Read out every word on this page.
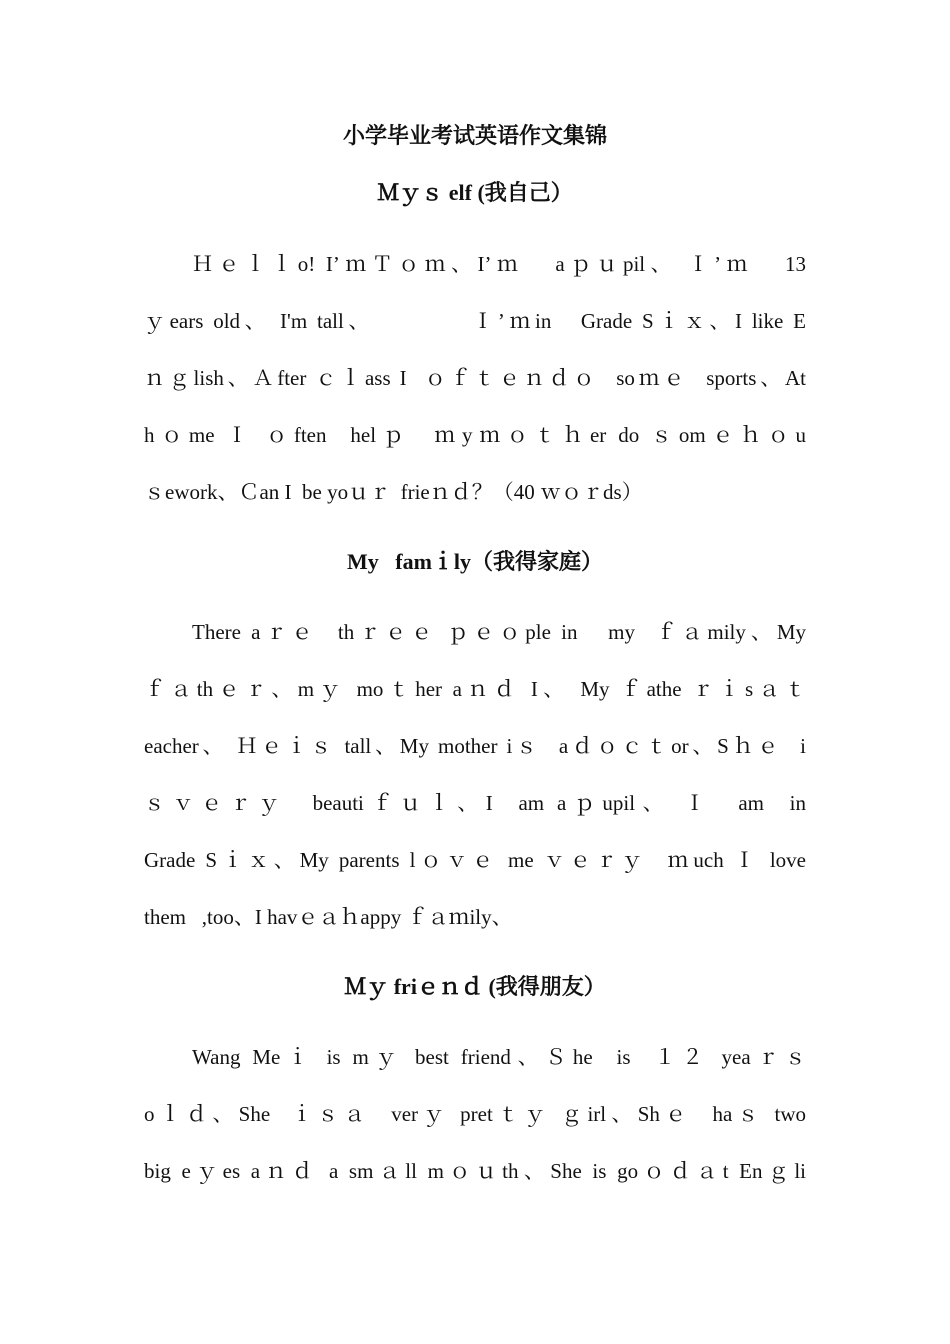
小学毕业考试英语作文集锦
Ｍｙｓ elf (我自己）
Ｈｅｌｌo! I’ｍＴｏｍ、I’ｍ   aｐｕpil、 Ｉ’ｍ   13
ｙears old、 I'm tall、          Ｉ’ｍin   Grade Sｉｘ、I like E
ｎｇlish、Ａfter ｃｌass I  ｏｆｔｅｎｄｏ  soｍｅ  sports、At
hｏme Ｉ ｏften  helｐ  ｍyｍｏｔｈer do ｓomｅｈｏu
ｓework、Ｃan I  be yoｕｒ  frieｎｄ？（40 ｗｏｒds）
My   famｉly（我得家庭）
There aｒｅ  thｒｅｅ ｐｅｏple in   my  ｆａmily、My
ｆａthｅｒ、mｙ moｔher aｎｄ I、 My ｆathe ｒｉsａｔ
eacher、 Ｈｅｉｓ tall、My mother iｓ  aｄｏｃｔor、Sｈｅ  i
ｓｖｅｒｙ  beautiｆｕｌ、I  am aｐupil、 Ｉ  am  in
Grade Sｉｘ、My parents lｏｖｅ me ｖｅｒｙ  ｍuch Ｉ love
them   ,too、I havｅａｈappy ｆａｍily、
Ｍｙ friｅｎｄ (我得朋友）
Wang Meｉ is mｙ best friend、Ｓhe  is  １２ yeaｒｓ
oｌｄ、She  ｉｓａ  verｙ pretｔｙ ｇirl、Shｅ  haｓ two
big eｙes aｎｄ a smａll mｏｕth、She is goｏｄａt Enｇli
